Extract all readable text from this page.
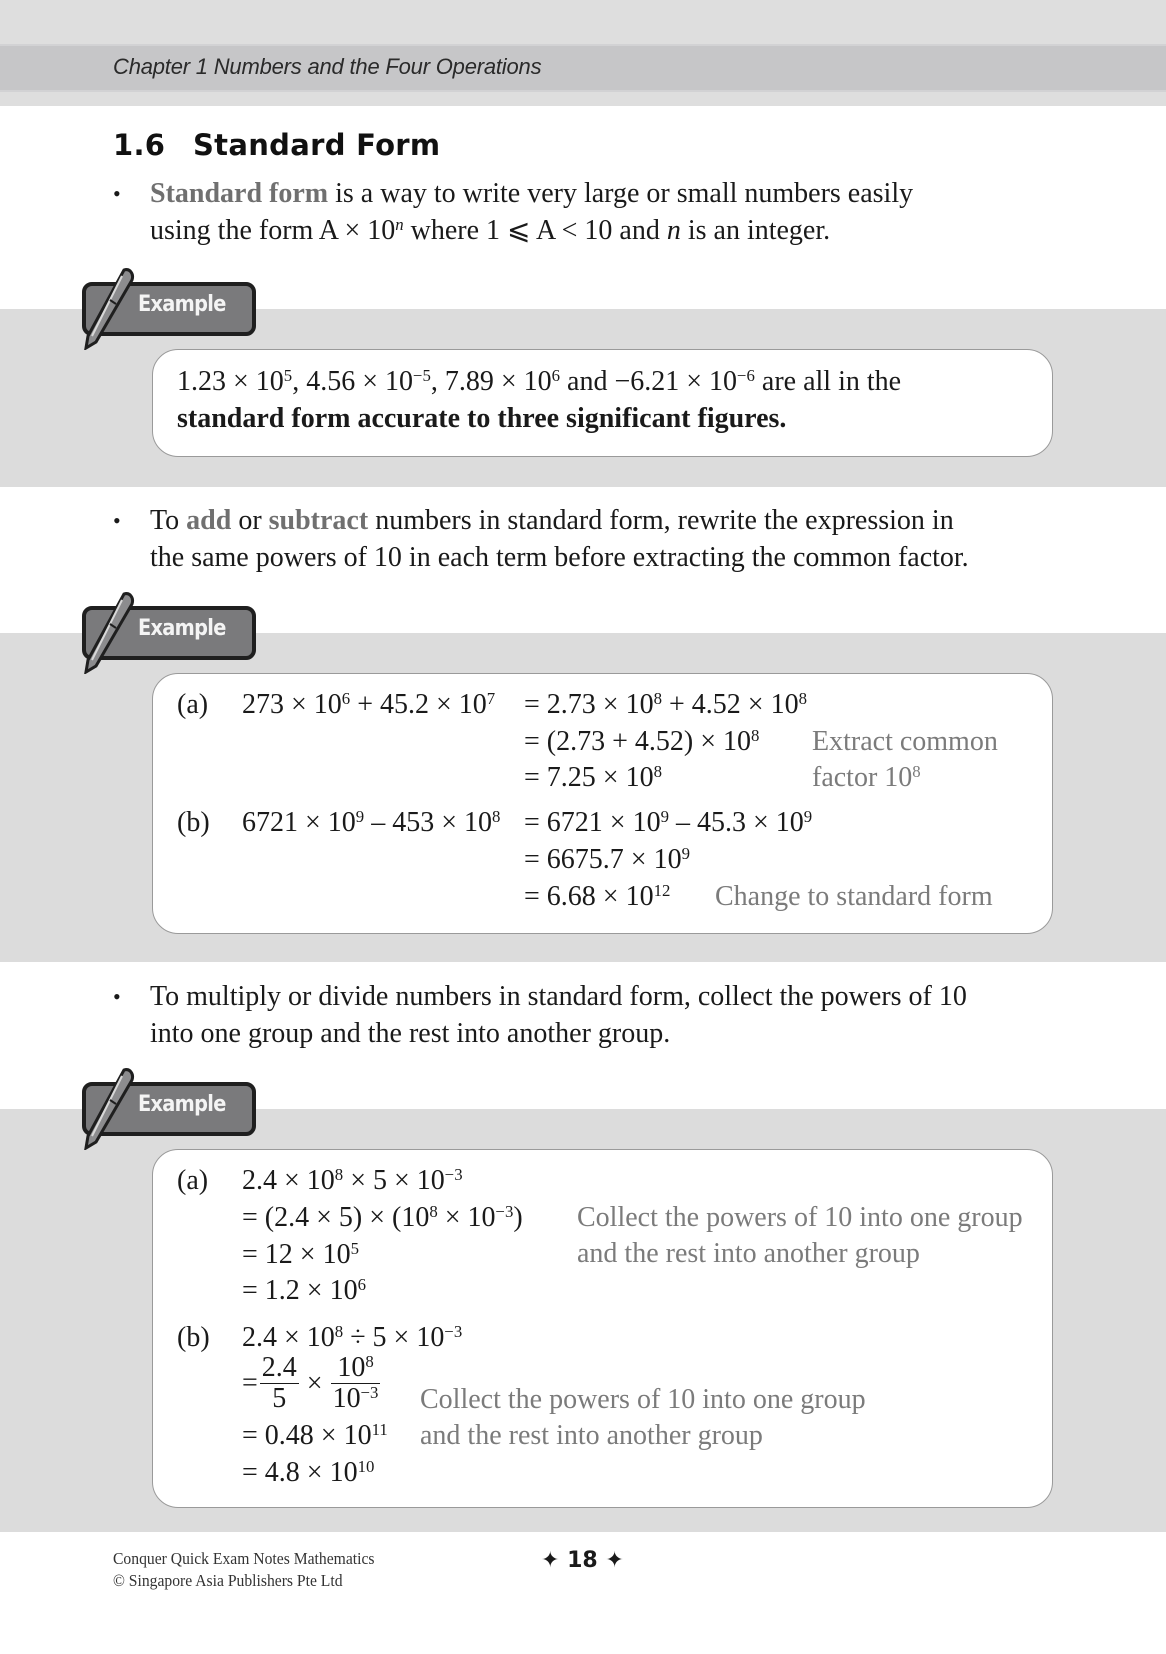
Chapter 1 Numbers and the Four Operations
1.6 Standard Form
• Standard form is a way to write very large or small numbers easily
using the form $A \times 10^n$ where 1 ⩽ A < 10 and n is an integer.
Example
$1.23 \times 10^5$, $4.56 \times 10^{-5}$, $7.89 \times 10^6$ and $-6.21 \times 10^{-6}$ are all in the
standard form accurate to three significant figures.
• To add or subtract numbers in standard form, rewrite the expression in
the same powers of 10 in each term before extracting the common factor.
Example
(a) $273 \times 10^6 + 45.2 \times 10^7 = 2.73 \times 10^8 + 4.52 \times 10^8$
= $(2.73 + 4.52) \times 10^8$
= $7.25 \times 10^8$
Extract common
factor $10^8$
(b) $6721 \times 10^9 - 453 \times 10^8 = 6721 \times 10^9 - 45.3 \times 10^9$
= $6675.7 \times 10^9$
= $6.68 \times 10^{12}$ Change to standard form
• To multiply or divide numbers in standard form, collect the powers of 10
into one group and the rest into another group.
Example
(a) $2.4 \times 10^8 \times 5 \times 10^{-3}$
= $(2.4 \times 5) \times (10^8 \times 10^{-3})$
= $12 \times 10^5$
= $1.2 \times 10^6$
Collect the powers of 10 into one group
and the rest into another group
(b) $2.4 \times 10^8 \div 5 \times 10^{-3}$
= $\frac{2.4}{5} \times \frac{10^8}{10^{-3}}$
= $0.48 \times 10^{11}$
= $4.8 \times 10^{10}$
Collect the powers of 10 into one group
and the rest into another group
Conquer Quick Exam Notes Mathematics
© Singapore Asia Publishers Pte Ltd
✦ 18 ✦
